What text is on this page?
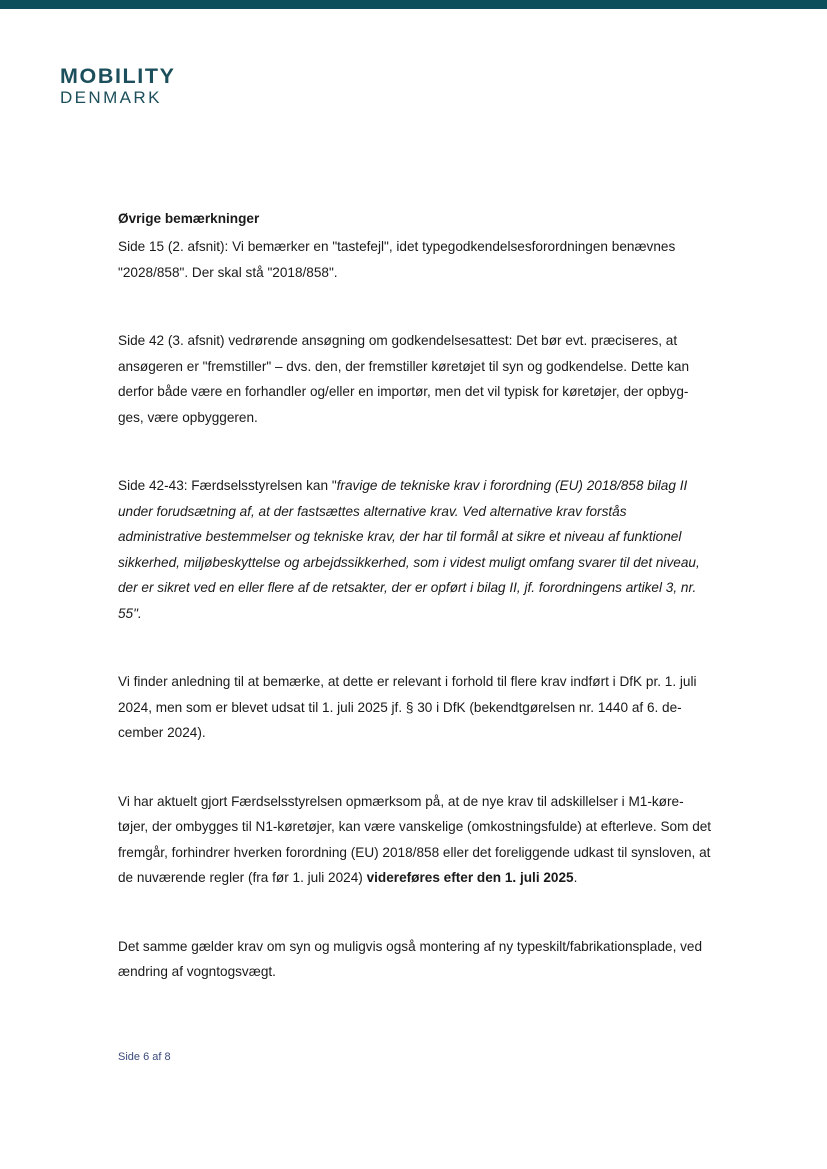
MOBILITY
DENMARK

Øvrige bemærkninger

Side 15 (2. afsnit): Vi bemærker en "tastefejl", idet typegodkendelsesforordningen benævnes "2028/858". Der skal stå "2018/858".

Side 42 (3. afsnit) vedrørende ansøgning om godkendelsesattest: Det bør evt. præciseres, at ansøgeren er "fremstiller" – dvs. den, der fremstiller køretøjet til syn og godkendelse. Dette kan derfor både være en forhandler og/eller en importør, men det vil typisk for køretøjer, der opbyg-ges, være opbyggeren.

Side 42-43: Færdselsstyrelsen kan "fravige de tekniske krav i forordning (EU) 2018/858 bilag II under forudsætning af, at der fastsættes alternative krav. Ved alternative krav forstås administrative bestemmelser og tekniske krav, der har til formål at sikre et niveau af funktionel sikkerhed, miljøbeskyttelse og arbejdssikkerhed, som i videst muligt omfang svarer til det niveau, der er sikret ved en eller flere af de retsakter, der er opført i bilag II, jf. forordningens artikel 3, nr. 55".

Vi finder anledning til at bemærke, at dette er relevant i forhold til flere krav indført i DfK pr. 1. juli 2024, men som er blevet udsat til 1. juli 2025 jf. § 30 i DfK (bekendtgørelsen nr. 1440 af 6. de-cember 2024).

Vi har aktuelt gjort Færdselsstyrelsen opmærksom på, at de nye krav til adskillelser i M1-køre-tøjer, der ombygges til N1-køretøjer, kan være vanskelige (omkostningsfulde) at efterleve. Som det fremgår, forhindrer hverken forordning (EU) 2018/858 eller det foreliggende udkast til synsloven, at de nuværende regler (fra før 1. juli 2024) videreføres efter den 1. juli 2025.

Det samme gælder krav om syn og muligvis også montering af ny typeskilt/fabrikationsplade, ved ændring af vogntogsvægt.

Side 6 af 8
